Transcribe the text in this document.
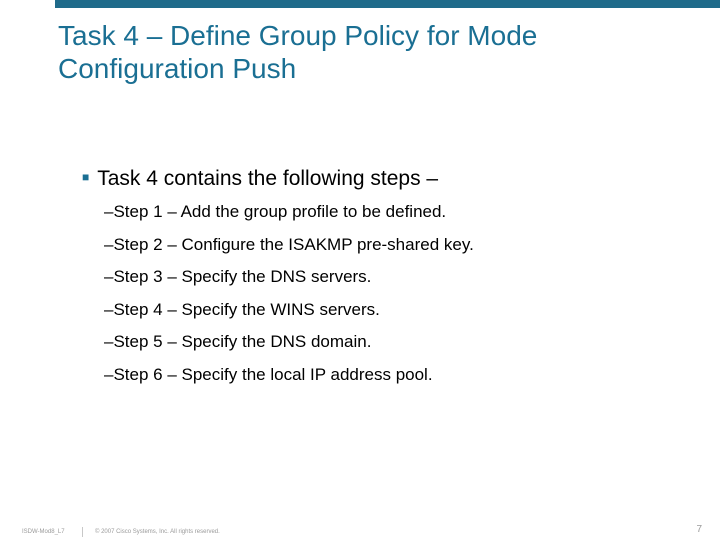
Task 4 – Define Group Policy for Mode Configuration Push
■ Task 4 contains the following steps –
–Step 1 – Add the group profile to be defined.
–Step 2 – Configure the ISAKMP pre-shared key.
–Step 3 – Specify the DNS servers.
–Step 4 – Specify the WINS servers.
–Step 5 – Specify the DNS domain.
–Step 6 – Specify the local IP address pool.
ISDW-Mod8_L7	© 2007 Cisco Systems, Inc. All rights reserved.	7
